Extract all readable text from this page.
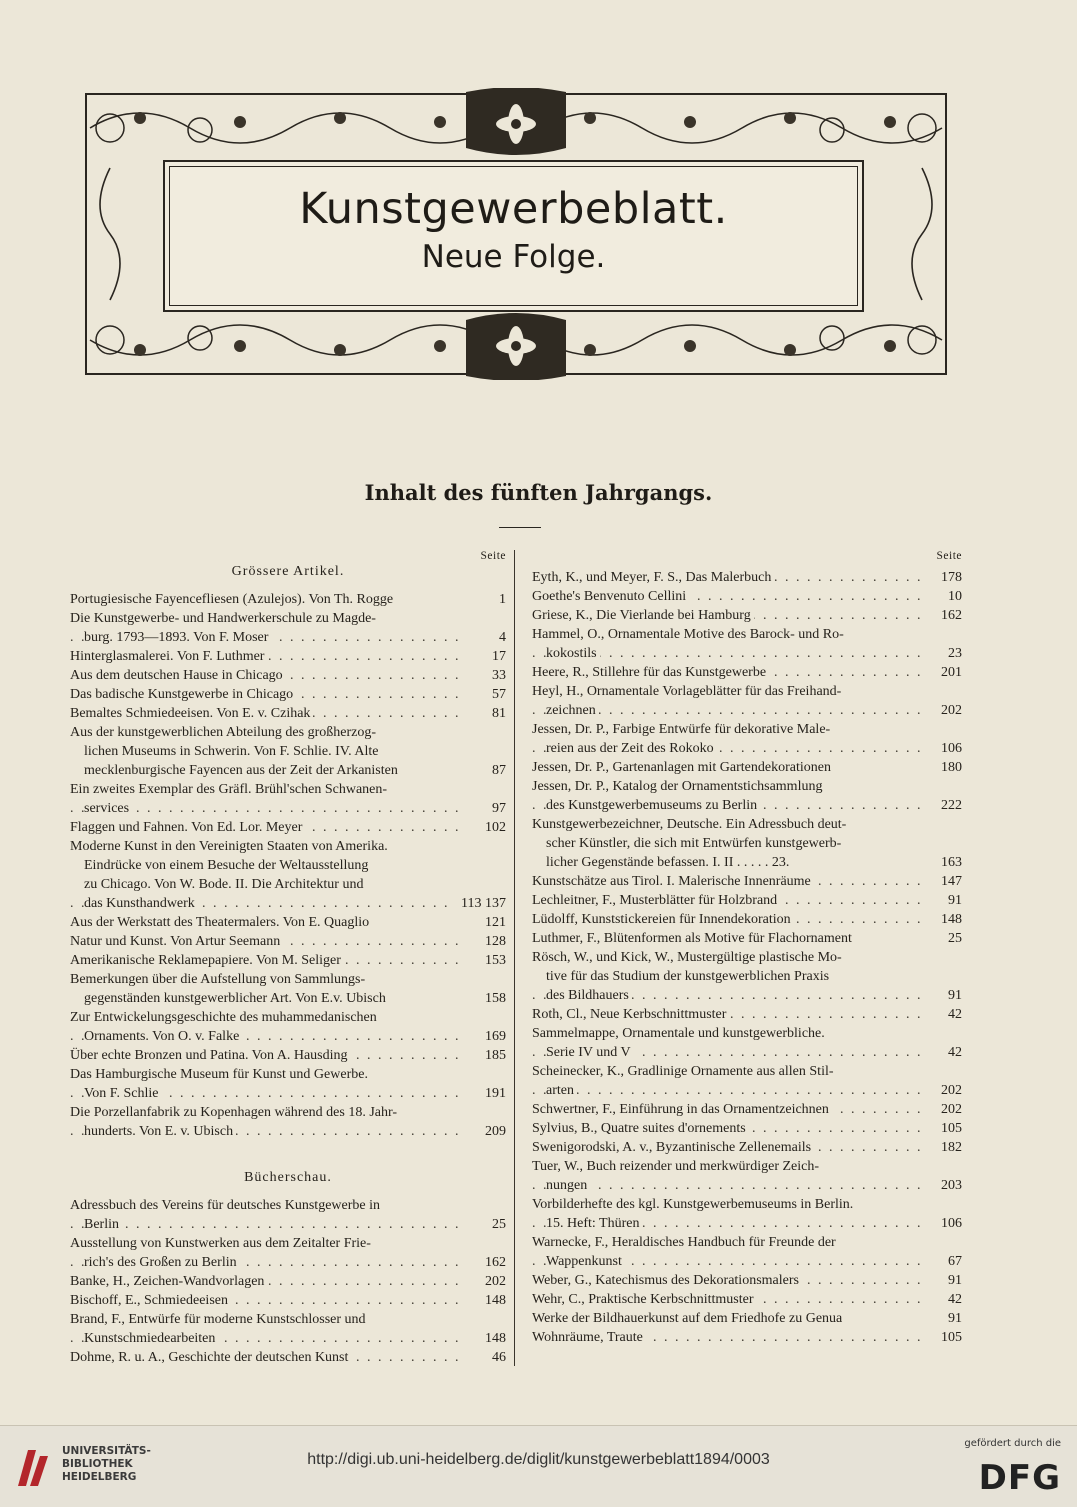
Kunstgewerbeblatt.
Neue Folge.
Inhalt des fünften Jahrgangs.
Seite
Grössere Artikel.
Portugiesische Fayencefliesen (Azulejos). Von Th. Rogge	1
Die Kunstgewerbe- und Handwerkerschule zu Magde-
. . . burg. 1793—1893. Von F. Moser	4
. . . Hinterglasmalerei. Von F. Luthmer	17
. . . Aus dem deutschen Hause in Chicago	33
. . . Das badische Kunstgewerbe in Chicago	57
. . . Bemaltes Schmiedeeisen. Von E. v. Czihak	81
Aus der kunstgewerblichen Abteilung des großherzog-
lichen Museums in Schwerin. Von F. Schlie. IV. Alte
mecklenburgische Fayencen aus der Zeit der Arkanisten	87
Ein zweites Exemplar des Gräfl. Brühl'schen Schwanen-
. . . services	97
. . . Flaggen und Fahnen. Von Ed. Lor. Meyer	102
Moderne Kunst in den Vereinigten Staaten von Amerika.
Eindrücke von einem Besuche der Weltausstellung
zu Chicago. Von W. Bode. II. Die Architektur und
. . . das Kunsthandwerk	113 137
Aus der Werkstatt des Theatermalers. Von E. Quaglio	121
. . . Natur und Kunst. Von Artur Seemann	128
. . . Amerikanische Reklamepapiere. Von M. Seliger	153
Bemerkungen über die Aufstellung von Sammlungs-
gegenständen kunstgewerblicher Art. Von E.v. Ubisch	158
Zur Entwickelungsgeschichte des muhammedanischen
. . . Ornaments. Von O. v. Falke	169
. . . Über echte Bronzen und Patina. Von A. Hausding	185
Das Hamburgische Museum für Kunst und Gewerbe.
. . . Von F. Schlie	191
Die Porzellanfabrik zu Kopenhagen während des 18. Jahr-
. . . hunderts. Von E. v. Ubisch	209
Bücherschau.
Adressbuch des Vereins für deutsches Kunstgewerbe in
. . . Berlin	25
Ausstellung von Kunstwerken aus dem Zeitalter Frie-
. . . rich's des Großen zu Berlin	162
. . . Banke, H., Zeichen-Wandvorlagen	202
. . . Bischoff, E., Schmiedeeisen	148
Brand, F., Entwürfe für moderne Kunstschlosser und
. . . Kunstschmiedearbeiten	148
. . . Dohme, R. u. A., Geschichte der deutschen Kunst	46
Seite
. . . Eyth, K., und Meyer, F. S., Das Malerbuch	178
. . . Goethe's Benvenuto Cellini	10
. . . Griese, K., Die Vierlande bei Hamburg	162
Hammel, O., Ornamentale Motive des Barock- und Ro-
. . . kokostils	23
. . . Heere, R., Stillehre für das Kunstgewerbe	201
Heyl, H., Ornamentale Vorlageblätter für das Freihand-
. . . zeichnen	202
Jessen, Dr. P., Farbige Entwürfe für dekorative Male-
. . . reien aus der Zeit des Rokoko	106
Jessen, Dr. P., Gartenanlagen mit Gartendekorationen	180
Jessen, Dr. P., Katalog der Ornamentstichsammlung
. . . des Kunstgewerbemuseums zu Berlin	222
Kunstgewerbezeichner, Deutsche. Ein Adressbuch deut-
scher Künstler, die sich mit Entwürfen kunstgewerb-
licher Gegenstände befassen. I. II . . . . . 23.	163
. . . Kunstschätze aus Tirol. I. Malerische Innenräume	147
. . . Lechleitner, F., Musterblätter für Holzbrand	91
. . . Lüdolff, Kunststickereien für Innendekoration	148
Luthmer, F., Blütenformen als Motive für Flachornament	25
Rösch, W., und Kick, W., Mustergültige plastische Mo-
tive für das Studium der kunstgewerblichen Praxis
. . . des Bildhauers	91
. . . Roth, Cl., Neue Kerbschnittmuster	42
Sammelmappe, Ornamentale und kunstgewerbliche.
. . . Serie IV und V	42
Scheinecker, K., Gradlinige Ornamente aus allen Stil-
. . . arten	202
. . . Schwertner, F., Einführung in das Ornamentzeichnen	202
. . . Sylvius, B., Quatre suites d'ornements	105
. . . Swenigorodski, A. v., Byzantinische Zellenemails	182
Tuer, W., Buch reizender und merkwürdiger Zeich-
. . . nungen	203
Vorbilderhefte des kgl. Kunstgewerbemuseums in Berlin.
. . . 15. Heft: Thüren	106
Warnecke, F., Heraldisches Handbuch für Freunde der
. . . Wappenkunst	67
. . . Weber, G., Katechismus des Dekorationsmalers	91
. . . Wehr, C., Praktische Kerbschnittmuster	42
Werke der Bildhauerkunst auf dem Friedhofe zu Genua	91
. . . Wohnräume, Traute	105
UNIVERSITÄTS-
BIBLIOTHEK
HEIDELBERG
http://digi.ub.uni-heidelberg.de/diglit/kunstgewerbeblatt1894/0003
gefördert durch die
DFG
